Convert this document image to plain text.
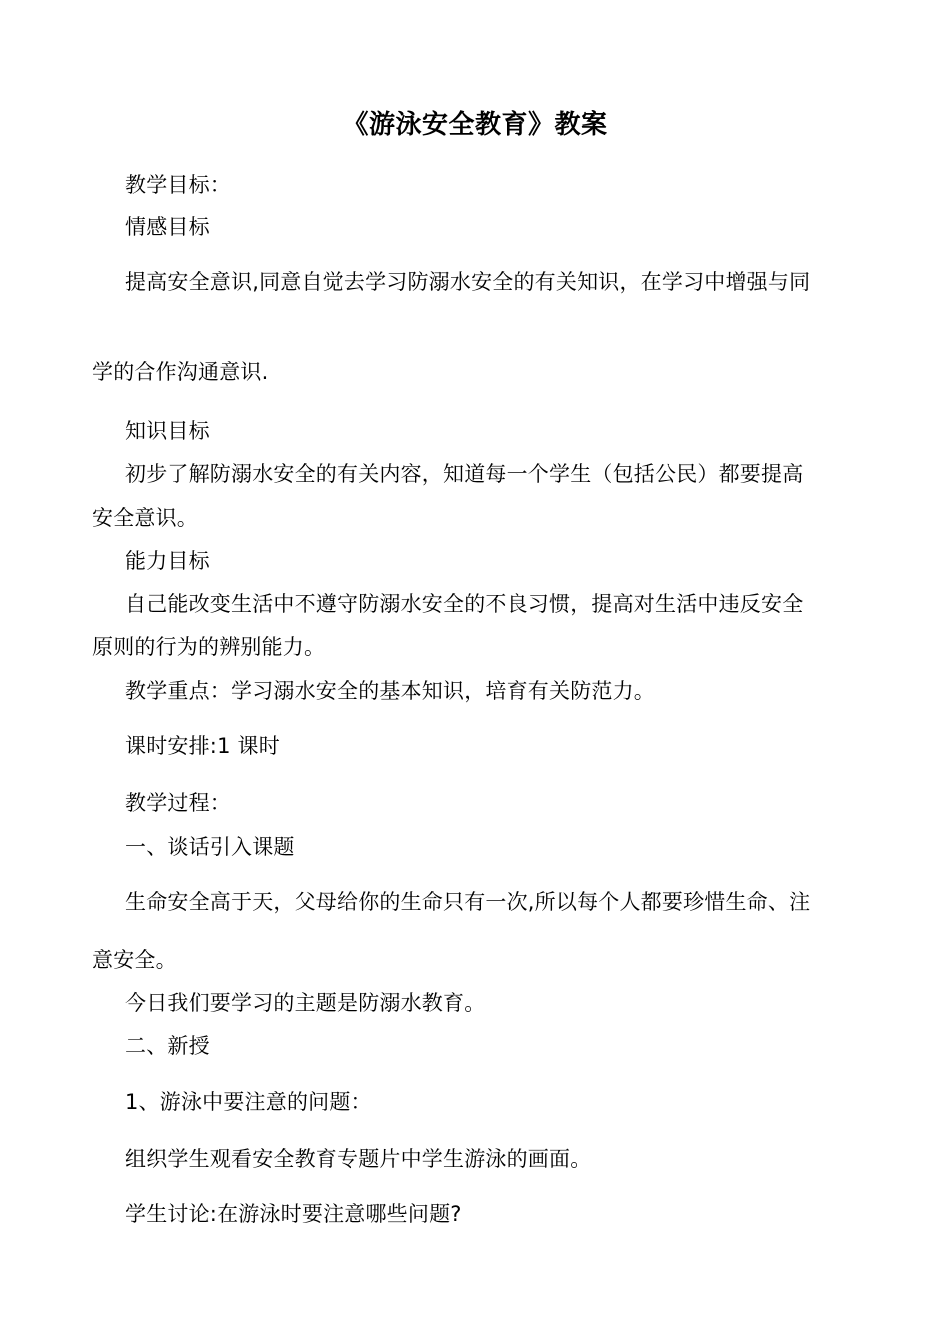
《游泳安全教育》教案
教学目标：
情感目标
提高安全意识,同意自觉去学习防溺水安全的有关知识，在学习中增强与同
学的合作沟通意识.
知识目标
初步了解防溺水安全的有关内容，知道每一个学生（包括公民）都要提高
安全意识。
能力目标
自己能改变生活中不遵守防溺水安全的不良习惯，提高对生活中违反安全
原则的行为的辨别能力。
教学重点：学习溺水安全的基本知识，培育有关防范力。
课时安排:1 课时
教学过程：
一、谈话引入课题
生命安全高于天，父母给你的生命只有一次,所以每个人都要珍惜生命、注
意安全。
今日我们要学习的主题是防溺水教育。
二、新授
1、游泳中要注意的问题：
组织学生观看安全教育专题片中学生游泳的画面。
学生讨论:在游泳时要注意哪些问题?
